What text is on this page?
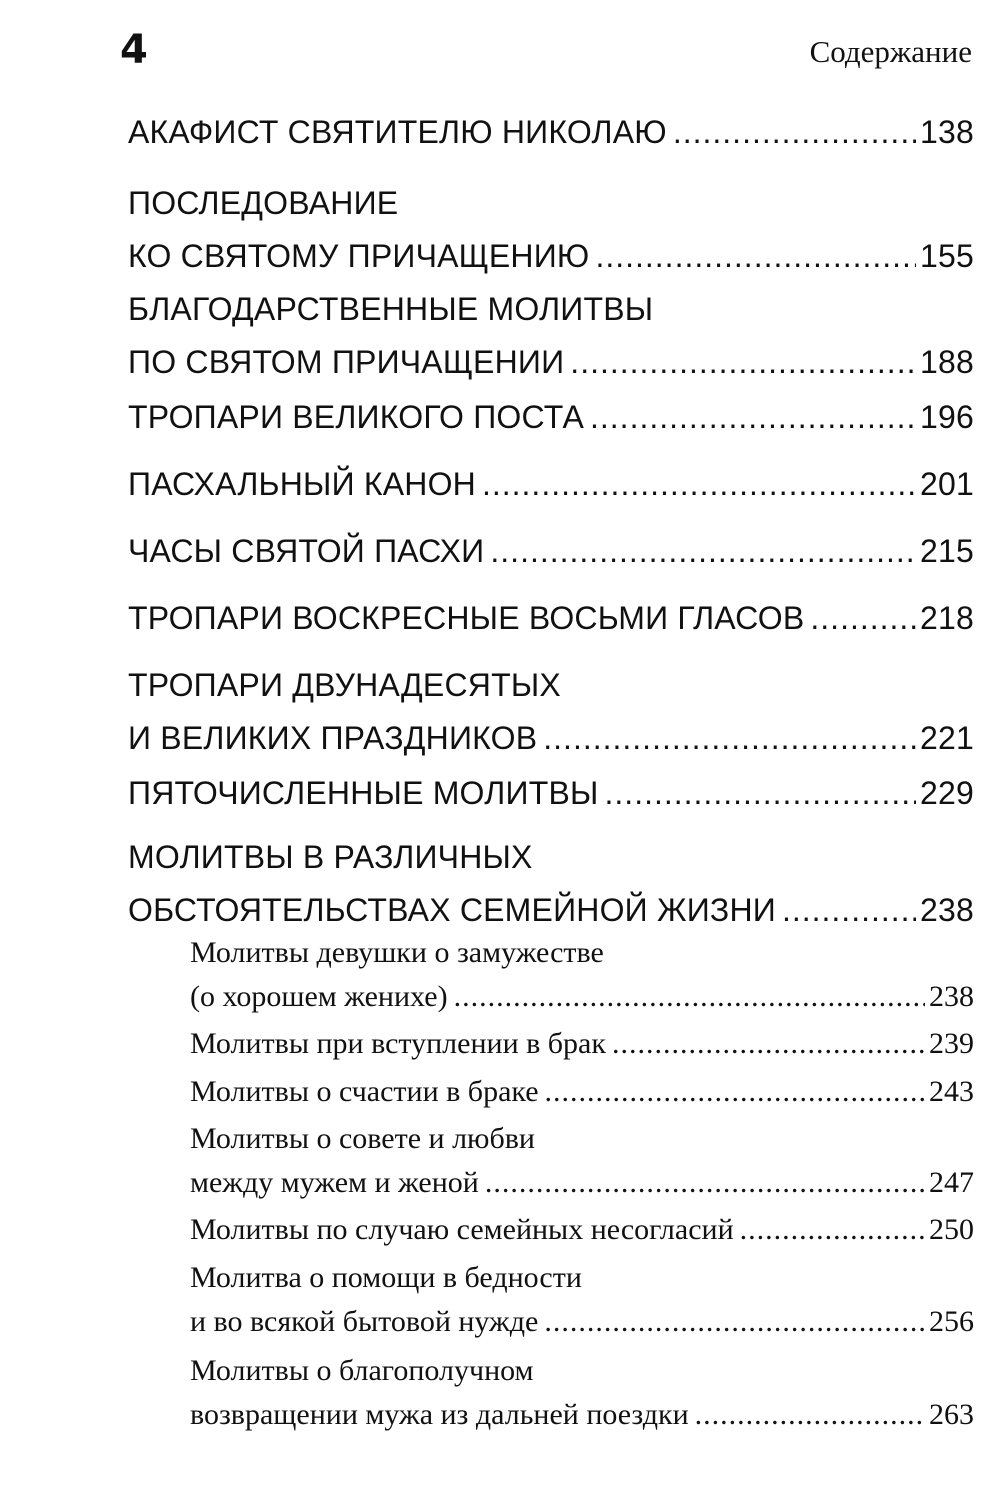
4	Содержание
АКАФИСТ СВЯТИТЕЛЮ НИКОЛАЮ .....	138
ПОСЛЕДОВАНИЕ
КО СВЯТОМУ ПРИЧАЩЕНИЮ .....	155
БЛАГОДАРСТВЕННЫЕ МОЛИТВЫ
ПО СВЯТОМ ПРИЧАЩЕНИИ .....	188
ТРОПАРИ ВЕЛИКОГО ПОСТА .....	196
ПАСХАЛЬНЫЙ КАНОН .....	201
ЧАСЫ СВЯТОЙ ПАСХИ .....	215
ТРОПАРИ ВОСКРЕСНЫЕ ВОСЬМИ ГЛАСОВ .....	218
ТРОПАРИ ДВУНАДЕСЯТЫХ
И ВЕЛИКИХ ПРАЗДНИКОВ .....	221
ПЯТОЧИСЛЕННЫЕ МОЛИТВЫ .....	229
МОЛИТВЫ В РАЗЛИЧНЫХ
ОБСТОЯТЕЛЬСТВАХ СЕМЕЙНОЙ ЖИЗНИ .....	238
Молитвы девушки о замужестве
(о хорошем женихе) .....	238
Молитвы при вступлении в брак .....	239
Молитвы о счастии в браке .....	243
Молитвы о совете и любви
между мужем и женой .....	247
Молитвы по случаю семейных несогласий .....	250
Молитва о помощи в бедности
и во всякой бытовой нужде .....	256
Молитвы о благополучном
возвращении мужа из дальней поездки .....	263
